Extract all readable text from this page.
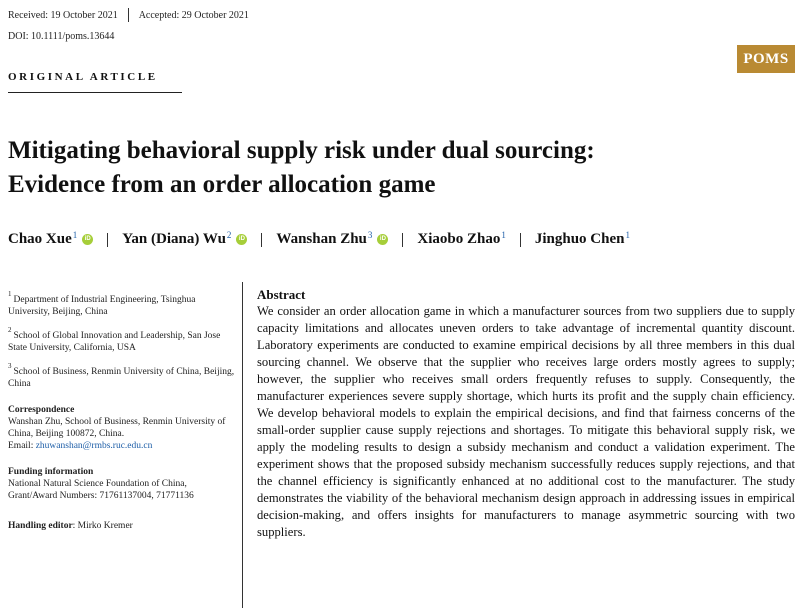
Received: 19 October 2021 Accepted: 29 October 2021
DOI: 10.1111/poms.13644
POMS
ORIGINAL ARTICLE
Mitigating behavioral supply risk under dual sourcing:
Evidence from an order allocation game
Chao Xue$^1$	iD Yan (Diana) Wu$^2$	iD Wanshan Zhu$^3$	iD Xiaobo Zhao$^1$ Jinghuo Chen$^1$
$^1$Department of Industrial Engineering, Tsinghua University, Beijing, China
$^2$School of Global Innovation and Leadership, San Jose State University, California, USA
$^3$School of Business, Renmin University of China, Beijing, China
Correspondence
Wanshan Zhu, School of Business, Renmin University of China, Beijing 100872, China.
Email: zhuwanshan@rmbs.ruc.edu.cn
Funding information
National Natural Science Foundation of China, Grant/Award Numbers: 71761137004, 71771136
Handling editor: Mirko Kremer
Abstract
We consider an order allocation game in which a manufacturer sources from two suppliers due to supply capacity limitations and allocates uneven orders to take advantage of incremental quantity discount. Laboratory experiments are conducted to examine empirical decisions by all three members in this dual sourcing channel. We observe that the supplier who receives large orders mostly agrees to supply; however, the supplier who receives small orders frequently refuses to supply. Consequently, the manufacturer experiences severe supply shortage, which hurts its profit and the supply chain efficiency. We develop behavioral models to explain the empirical decisions, and find that fairness concerns of the small-order supplier cause supply rejections and shortages. To mitigate this behavioral supply risk, we apply the modeling results to design a subsidy mechanism and conduct a validation experiment. The experiment shows that the proposed subsidy mechanism successfully reduces supply rejections, and that the channel efficiency is significantly enhanced at no additional cost to the manufacturer. The study demonstrates the viability of the behavioral mechanism design approach in addressing issues in empirical decision-making, and offers insights for manufacturers to manage asymmetric sourcing with two suppliers.
